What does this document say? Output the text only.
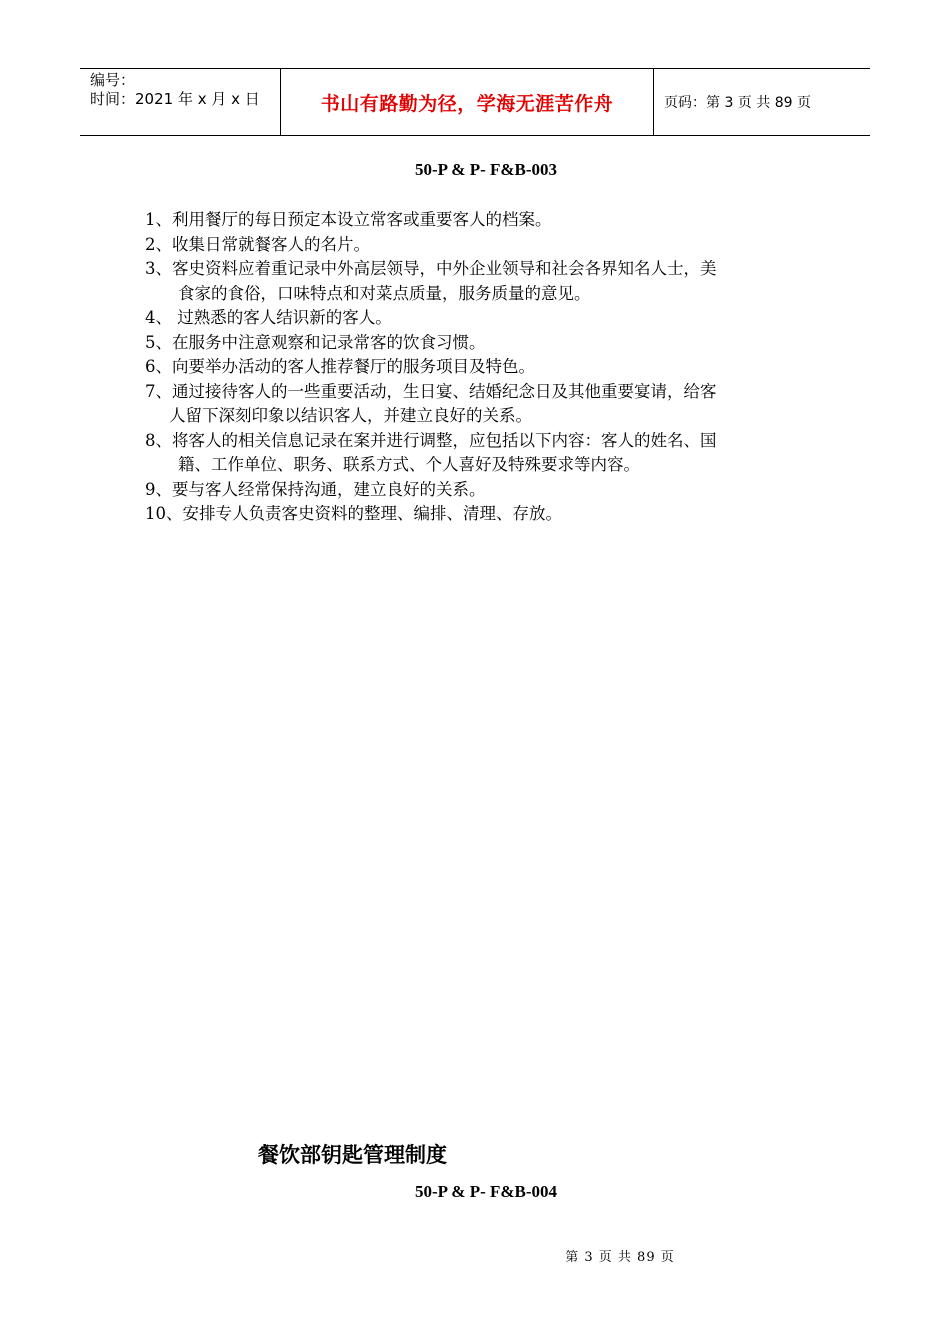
编号：
时间：2021 年 x 月 x 日	书山有路勤为径，学海无涯苦作舟	页码：第 3 页 共 89 页
50-P & P- F&B-003
1、利用餐厅的每日预定本设立常客或重要客人的档案。
2、收集日常就餐客人的名片。
3、客史资料应着重记录中外高层领导，中外企业领导和社会各界知名人士，美
食家的食俗，口味特点和对菜点质量，服务质量的意见。
4、 过熟悉的客人结识新的客人。
5、在服务中注意观察和记录常客的饮食习惯。
6、向要举办活动的客人推荐餐厅的服务项目及特色。
7、通过接待客人的一些重要活动，生日宴、结婚纪念日及其他重要宴请，给客
人留下深刻印象以结识客人，并建立良好的关系。
8、将客人的相关信息记录在案并进行调整，应包括以下内容：客人的姓名、国
籍、工作单位、职务、联系方式、个人喜好及特殊要求等内容。
9、要与客人经常保持沟通，建立良好的关系。
10、安排专人负责客史资料的整理、编排、清理、存放。
餐饮部钥匙管理制度
50-P & P- F&B-004
第 3 页 共 89 页
